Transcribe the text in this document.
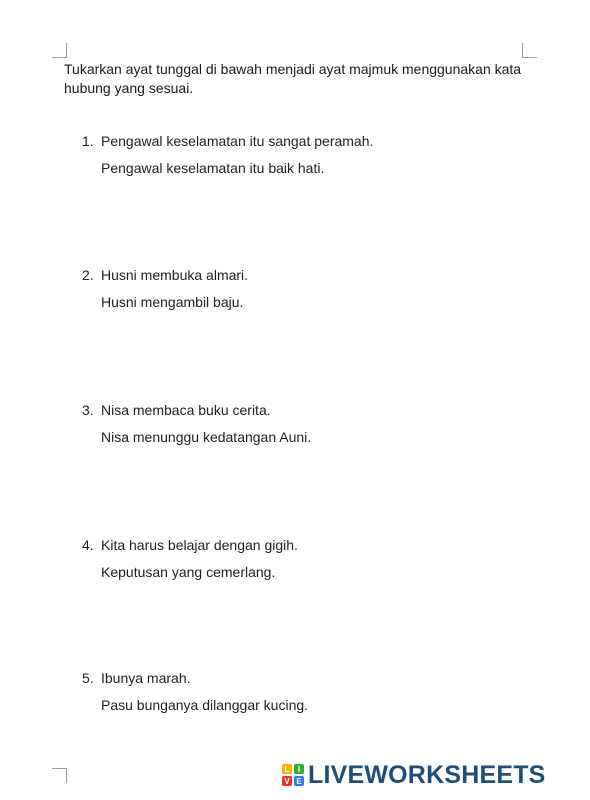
Tukarkan ayat tunggal di bawah menjadi ayat majmuk menggunakan kata hubung yang sesuai.
1. Pengawal keselamatan itu sangat peramah.
Pengawal keselamatan itu baik hati.
2. Husni membuka almari.
Husni mengambil baju.
3. Nisa membaca buku cerita.
Nisa menunggu kedatangan Auni.
4. Kita harus belajar dengan gigih.
Keputusan yang cemerlang.
5. Ibunya marah.
Pasu bunganya dilanggar kucing.
L	I
V E LIVEWORKSHEETS
